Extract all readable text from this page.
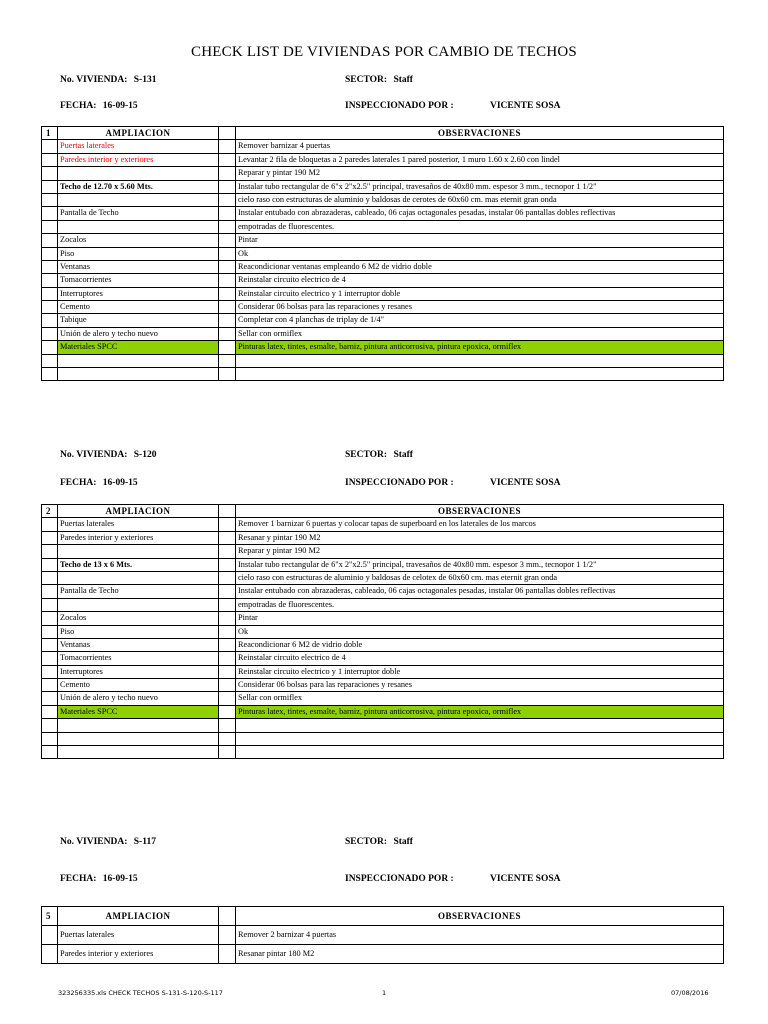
CHECK LIST DE VIVIENDAS POR CAMBIO DE TECHOS
No. VIVIENDA: S-131	SECTOR: Staff
FECHA: 16-09-15	INSPECCIONADO POR :	VICENTE SOSA
1	AMPLIACION		OBSERVACIONES
	Puertas laterales		Remover barnizar 4 puertas
	Paredes interior y exteriores		Levantar 2 fila de bloquetas a 2 paredes laterales 1 pared posterior, 1 muro 1.60 x 2.60 con lindel
			Reparar y pintar 190 M2
	Techo de 12.70 x 5.60 Mts.		Instalar tubo rectangular de 6"x 2"x2.5" principal, travesaños de 40x80 mm. espesor 3 mm., tecnopor 1 1/2"
			cielo raso con estructuras de aluminio y baldosas de cerotes de 60x60 cm. mas eternit gran onda
	Pantalla de Techo		Instalar entubado con abrazaderas, cableado, 06 cajas octagonales pesadas, instalar 06 pantallas dobles reflectivas
			empotradas de fluorescentes.
	Zocalos		Pintar
	Piso		Ok
	Ventanas		Reacondicionar ventanas empleando 6 M2 de vidrio doble
	Tomacorrientes		Reinstalar circuito electrico de 4
	Interruptores		Reinstalar circuito electrico y 1 interruptor doble
	Cemento		Considerar 06 bolsas para las reparaciones y resanes
	Tabique		Completar con 4 planchas de triplay de 1/4"
	Unión de alero y techo nuevo		Sellar con ormiflex
	Materiales SPCC		Pinturas latex, tintes, esmalte, barniz, pintura anticorrosiva, pintura epoxica, ormiflex

No. VIVIENDA: S-120	SECTOR: Staff
FECHA: 16-09-15	INSPECCIONADO POR :	VICENTE SOSA
2	AMPLIACION		OBSERVACIONES
	Puertas laterales		Remover 1 barnizar 6 puertas y colocar tapas de superboard en los laterales de los marcos
	Paredes interior y exteriores		Resanar y pintar 190 M2
			Reparar y pintar 190 M2
	Techo de 13 x 6 Mts.		Instalar tubo rectangular de 6"x 2"x2.5" principal, travesaños de 40x80 mm. espesor 3 mm., tecnopor 1 1/2"
			cielo raso con estructuras de aluminio y baldosas de celotex de 60x60 cm. mas eternit gran onda
	Pantalla de Techo		Instalar entubado con abrazaderas, cableado, 06 cajas octagonales pesadas, instalar 06 pantallas dobles reflectivas
			empotradas de fluorescentes.
	Zocalos		Pintar
	Piso		Ok
	Ventanas		Reacondicionar 6 M2 de vidrio doble
	Tomacorrientes		Reinstalar circuito electrico de 4
	Interruptores		Reinstalar circuito electrico y 1 interruptor doble
	Cemento		Considerar 06 bolsas para las reparaciones y resanes
	Unión de alero y techo nuevo		Sellar con ormiflex
	Materiales SPCC		Pinturas latex, tintes, esmalte, barniz, pintura anticorrosiva, pintura epoxica, ormiflex

No. VIVIENDA: S-117	SECTOR: Staff
FECHA: 16-09-15	INSPECCIONADO POR :	VICENTE SOSA
5	AMPLIACION		OBSERVACIONES
	Puertas laterales		Remover 2 barnizar 4 puertas
	Paredes interior y exteriores		Resanar pintar 180 M2
323256335.xls CHECK TECHOS S-131-S-120-S-117	1	07/08/2016
